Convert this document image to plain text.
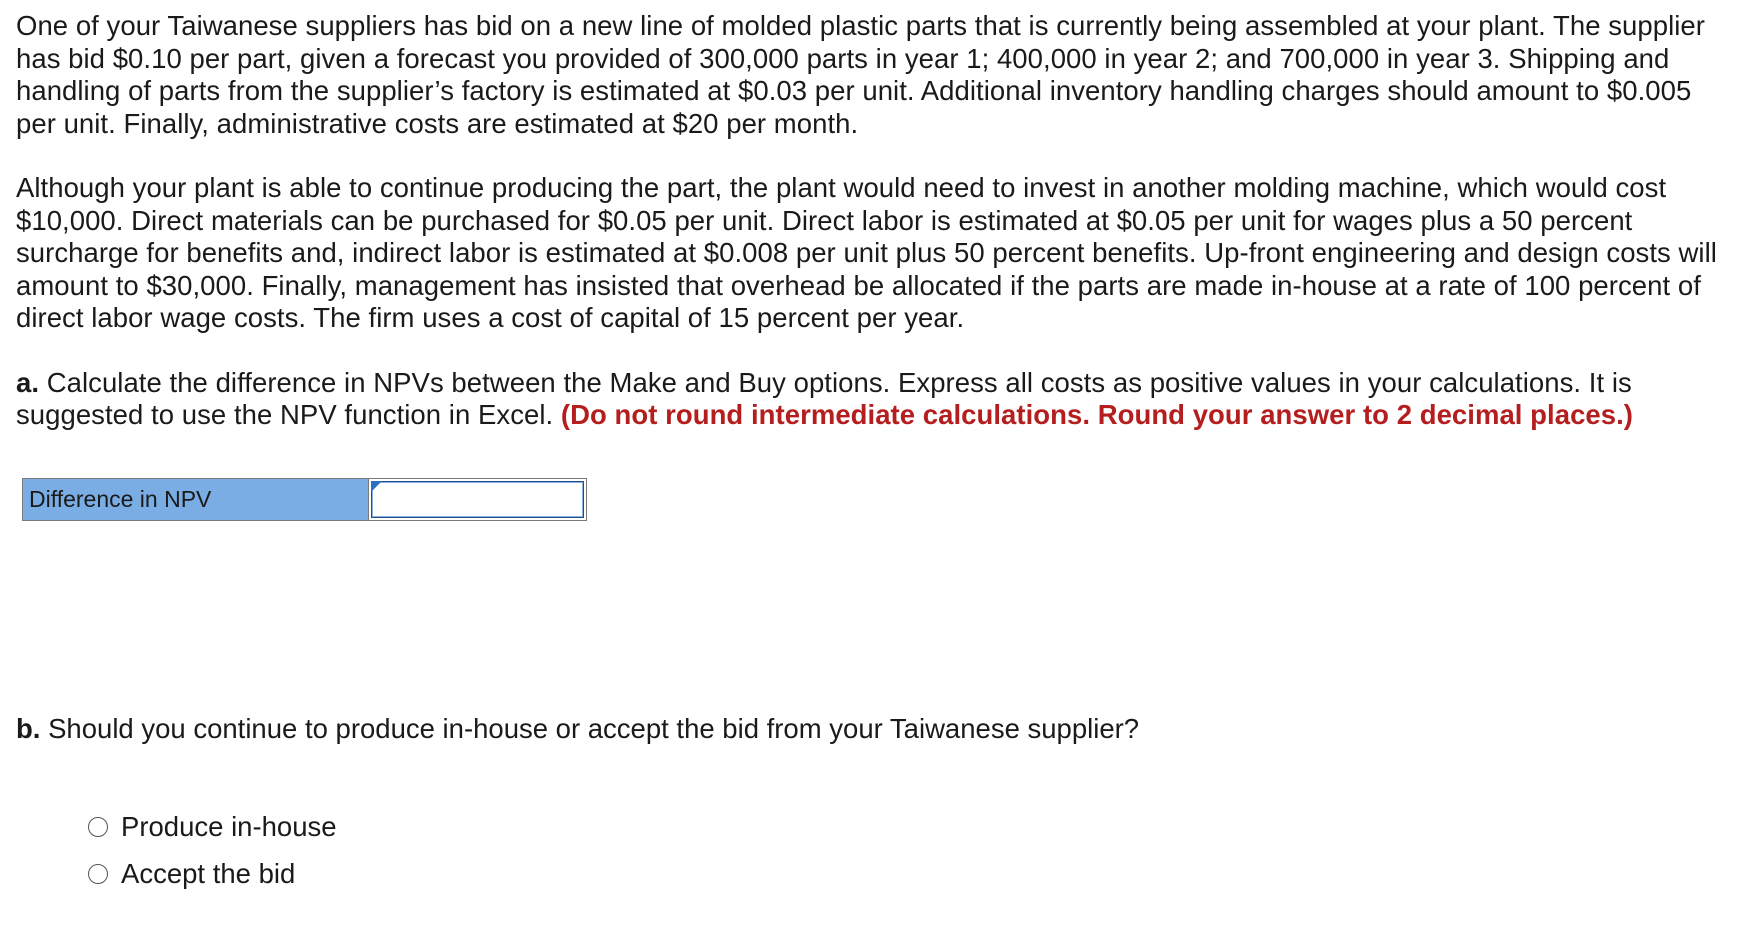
One of your Taiwanese suppliers has bid on a new line of molded plastic parts that is currently being assembled at your plant. The supplier has bid $0.10 per part, given a forecast you provided of 300,000 parts in year 1; 400,000 in year 2; and 700,000 in year 3. Shipping and handling of parts from the supplier’s factory is estimated at $0.03 per unit. Additional inventory handling charges should amount to $0.005 per unit. Finally, administrative costs are estimated at $20 per month.

Although your plant is able to continue producing the part, the plant would need to invest in another molding machine, which would cost $10,000. Direct materials can be purchased for $0.05 per unit. Direct labor is estimated at $0.05 per unit for wages plus a 50 percent surcharge for benefits and, indirect labor is estimated at $0.008 per unit plus 50 percent benefits. Up-front engineering and design costs will amount to $30,000. Finally, management has insisted that overhead be allocated if the parts are made in-house at a rate of 100 percent of direct labor wage costs. The firm uses a cost of capital of 15 percent per year.

a. Calculate the difference in NPVs between the Make and Buy options. Express all costs as positive values in your calculations. It is suggested to use the NPV function in Excel. (Do not round intermediate calculations. Round your answer to 2 decimal places.)

Difference in NPV

b. Should you continue to produce in-house or accept the bid from your Taiwanese supplier?

Produce in-house
Accept the bid
